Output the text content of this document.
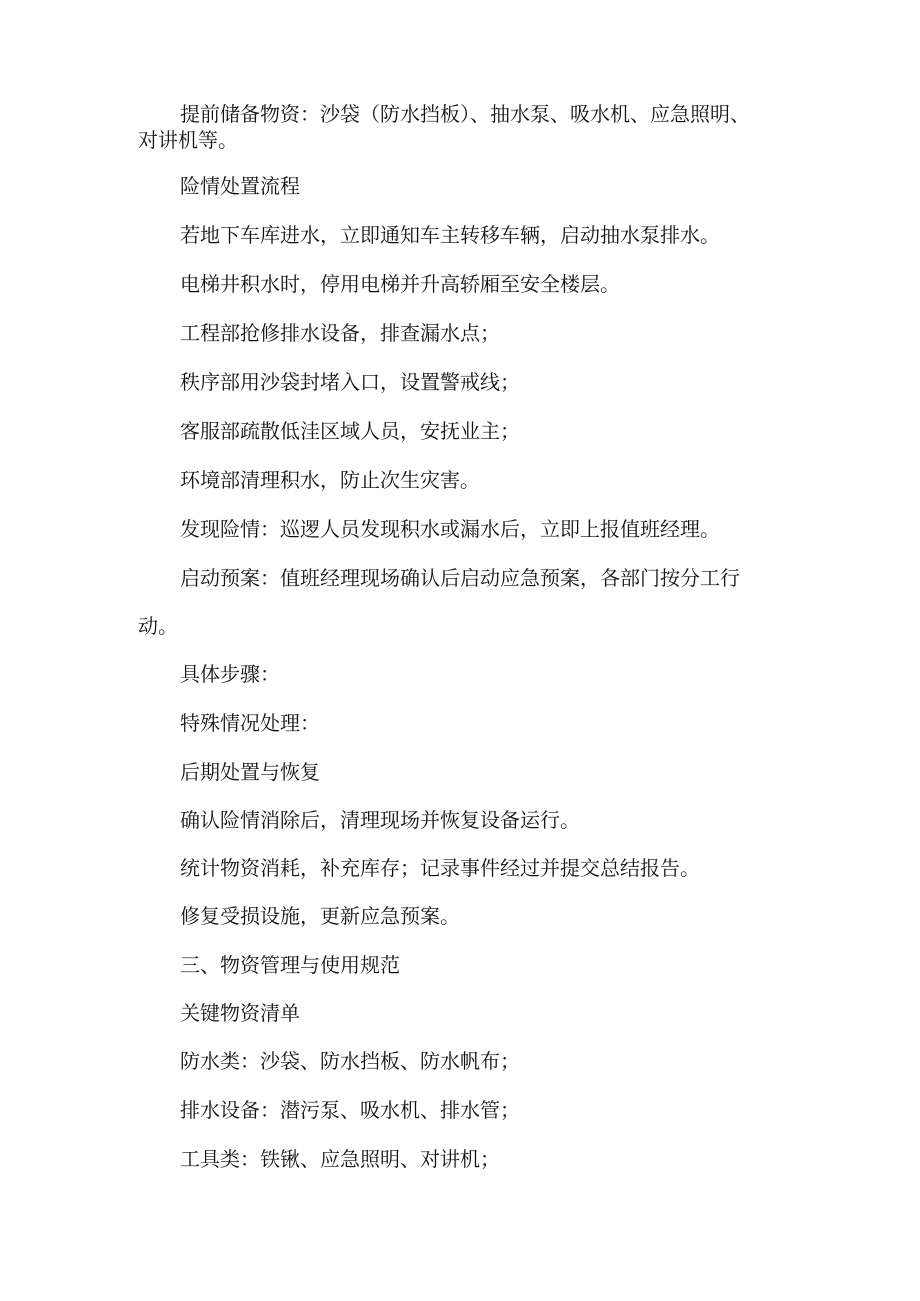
提前储备物资：沙袋（防水挡板）、抽水泵、吸水机、应急照明、

对讲机等。

险情处置流程

若地下车库进水，立即通知车主转移车辆，启动抽水泵排水。

电梯井积水时，停用电梯并升高轿厢至安全楼层。

工程部抢修排水设备，排查漏水点；

秩序部用沙袋封堵入口，设置警戒线；

客服部疏散低洼区域人员，安抚业主；

环境部清理积水，防止次生灾害。

发现险情：巡逻人员发现积水或漏水后，立即上报值班经理。

启动预案：值班经理现场确认后启动应急预案，各部门按分工行

动。

具体步骤：

特殊情况处理：

后期处置与恢复

确认险情消除后，清理现场并恢复设备运行。

统计物资消耗，补充库存；记录事件经过并提交总结报告。

修复受损设施，更新应急预案。

三、物资管理与使用规范

关键物资清单

防水类：沙袋、防水挡板、防水帆布；

排水设备：潜污泵、吸水机、排水管；

工具类：铁锹、应急照明、对讲机；
